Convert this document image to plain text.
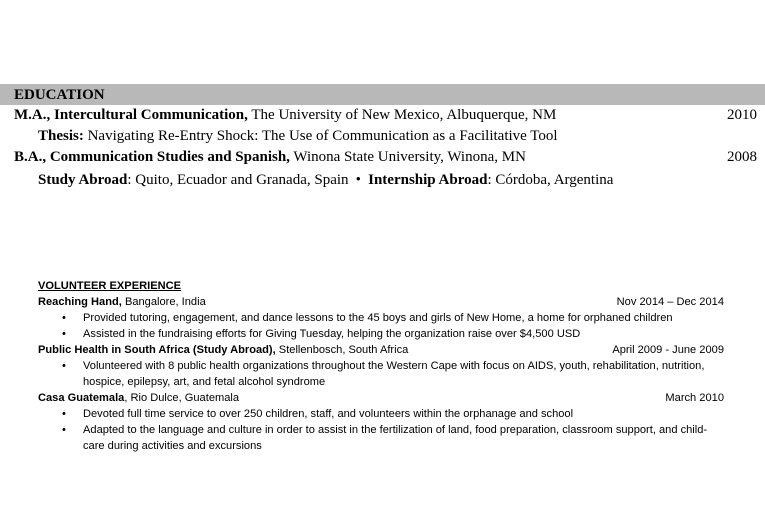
EDUCATION
M.A., Intercultural Communication, The University of New Mexico, Albuquerque, NM	2010
Thesis: Navigating Re-Entry Shock: The Use of Communication as a Facilitative Tool
B.A., Communication Studies and Spanish, Winona State University, Winona, MN	2008
Study Abroad: Quito, Ecuador and Granada, Spain • Internship Abroad: Córdoba, Argentina
VOLUNTEER EXPERIENCE
Reaching Hand, Bangalore, India	Nov 2014 – Dec 2014
• Provided tutoring, engagement, and dance lessons to the 45 boys and girls of New Home, a home for orphaned children
• Assisted in the fundraising efforts for Giving Tuesday, helping the organization raise over $4,500 USD
Public Health in South Africa (Study Abroad), Stellenbosch, South Africa	April 2009 - June 2009
• Volunteered with 8 public health organizations throughout the Western Cape with focus on AIDS, youth, rehabilitation, nutrition, hospice, epilepsy, art, and fetal alcohol syndrome
Casa Guatemala, Rio Dulce, Guatemala	March 2010
• Devoted full time service to over 250 children, staff, and volunteers within the orphanage and school
• Adapted to the language and culture in order to assist in the fertilization of land, food preparation, classroom support, and child-care during activities and excursions
